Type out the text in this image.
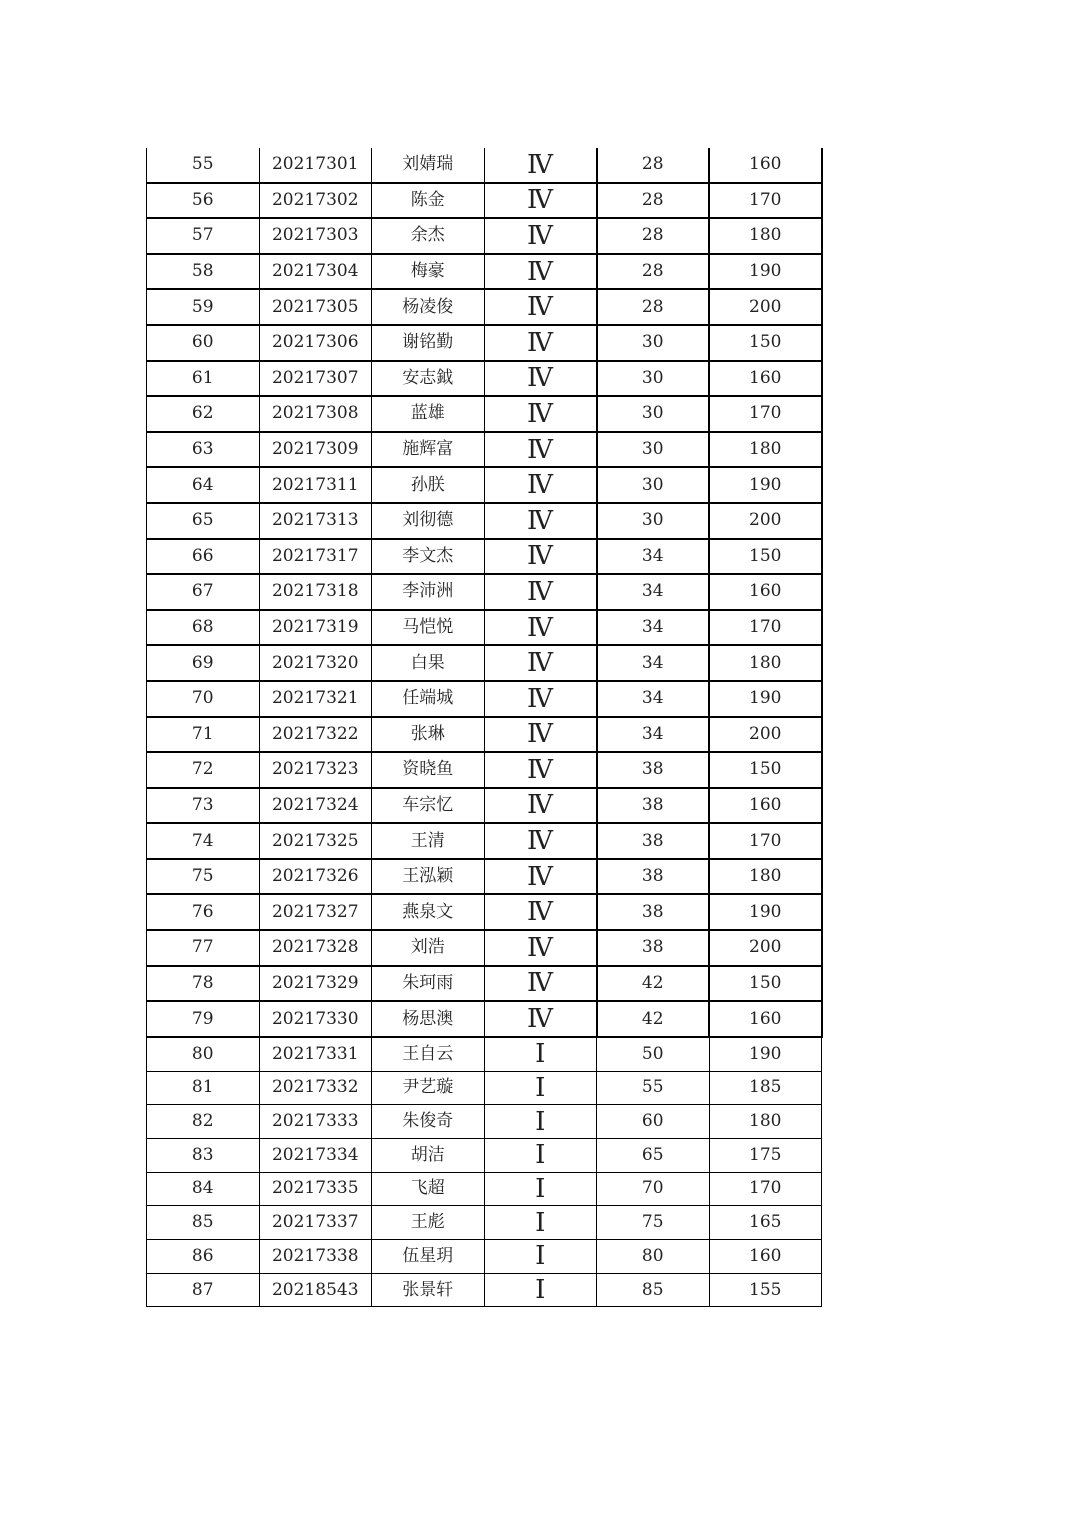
55	20217301	刘婧瑞	Ⅳ	28	160
56	20217302	陈金	Ⅳ	28	170
57	20217303	余杰	Ⅳ	28	180
58	20217304	梅豪	Ⅳ	28	190
59	20217305	杨凌俊	Ⅳ	28	200
60	20217306	谢铭勤	Ⅳ	30	150
61	20217307	安志鉞	Ⅳ	30	160
62	20217308	蓝雄	Ⅳ	30	170
63	20217309	施辉富	Ⅳ	30	180
64	20217311	孙朕	Ⅳ	30	190
65	20217313	刘彻德	Ⅳ	30	200
66	20217317	李文杰	Ⅳ	34	150
67	20217318	李沛洲	Ⅳ	34	160
68	20217319	马恺悦	Ⅳ	34	170
69	20217320	白果	Ⅳ	34	180
70	20217321	任端城	Ⅳ	34	190
71	20217322	张琳	Ⅳ	34	200
72	20217323	资晓鱼	Ⅳ	38	150
73	20217324	车宗忆	Ⅳ	38	160
74	20217325	王清	Ⅳ	38	170
75	20217326	王泓颖	Ⅳ	38	180
76	20217327	燕泉文	Ⅳ	38	190
77	20217328	刘浩	Ⅳ	38	200
78	20217329	朱珂雨	Ⅳ	42	150
79	20217330	杨思澳	Ⅳ	42	160
80	20217331	王自云	Ⅰ	50	190
81	20217332	尹艺璇	Ⅰ	55	185
82	20217333	朱俊奇	Ⅰ	60	180
83	20217334	胡洁	Ⅰ	65	175
84	20217335	飞超	Ⅰ	70	170
85	20217337	王彪	Ⅰ	75	165
86	20217338	伍星玥	Ⅰ	80	160
87	20218543	张景轩	Ⅰ	85	155
